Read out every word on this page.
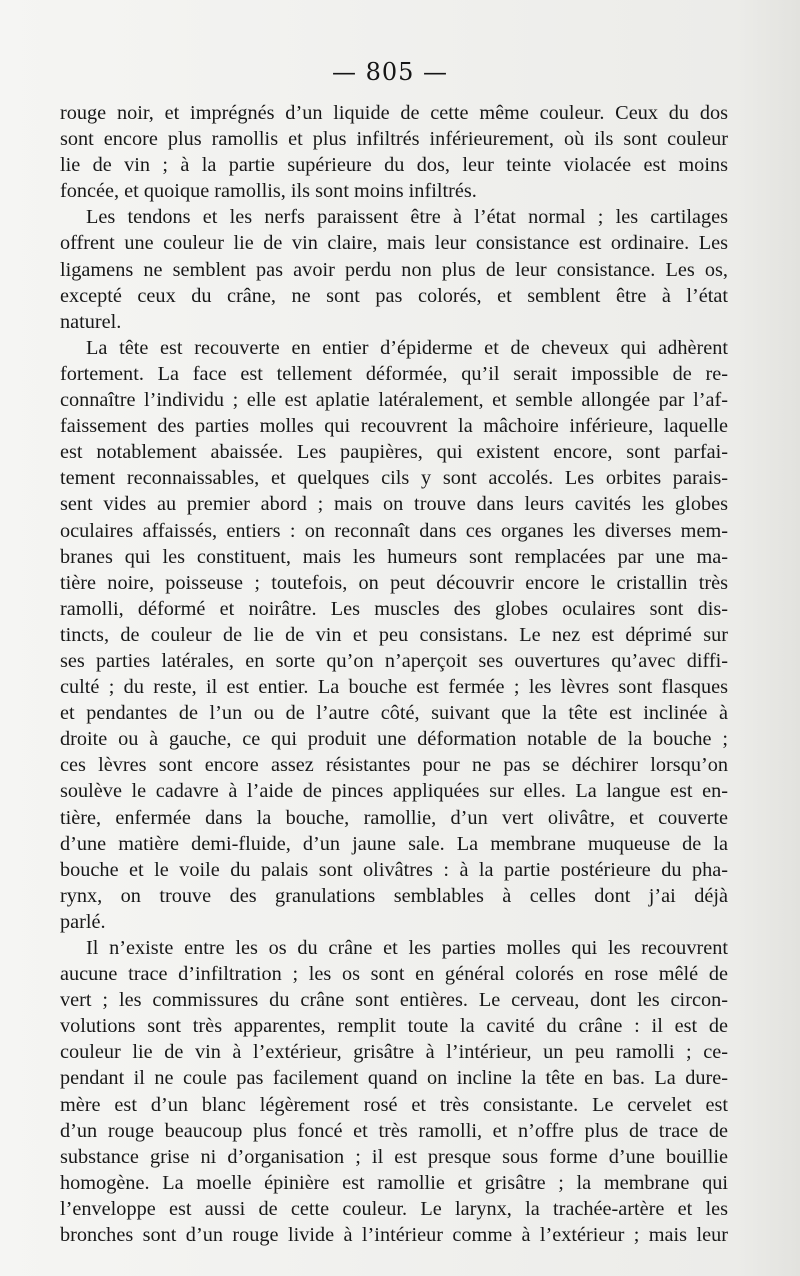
— 805 —
rouge noir, et imprégnés d’un liquide de cette même couleur. Ceux du dos
sont encore plus ramollis et plus infiltrés inférieurement, où ils sont couleur
lie de vin ; à la partie supérieure du dos, leur teinte violacée est moins
foncée, et quoique ramollis, ils sont moins infiltrés.
Les tendons et les nerfs paraissent être à l’état normal ; les cartilages
offrent une couleur lie de vin claire, mais leur consistance est ordinaire. Les
ligamens ne semblent pas avoir perdu non plus de leur consistance. Les os,
excepté ceux du crâne, ne sont pas colorés, et semblent être à l’état
naturel.
La tête est recouverte en entier d’épiderme et de cheveux qui adhèrent
fortement. La face est tellement déformée, qu’il serait impossible de re-
connaître l’individu ; elle est aplatie latéralement, et semble allongée par l’af-
faissement des parties molles qui recouvrent la mâchoire inférieure, laquelle
est notablement abaissée. Les paupières, qui existent encore, sont parfai-
tement reconnaissables, et quelques cils y sont accolés. Les orbites parais-
sent vides au premier abord ; mais on trouve dans leurs cavités les globes
oculaires affaissés, entiers : on reconnaît dans ces organes les diverses mem-
branes qui les constituent, mais les humeurs sont remplacées par une ma-
tière noire, poisseuse ; toutefois, on peut découvrir encore le cristallin très
ramolli, déformé et noirâtre. Les muscles des globes oculaires sont dis-
tincts, de couleur de lie de vin et peu consistans. Le nez est déprimé sur
ses parties latérales, en sorte qu’on n’aperçoit ses ouvertures qu’avec diffi-
culté ; du reste, il est entier. La bouche est fermée ; les lèvres sont flasques
et pendantes de l’un ou de l’autre côté, suivant que la tête est inclinée à
droite ou à gauche, ce qui produit une déformation notable de la bouche ;
ces lèvres sont encore assez résistantes pour ne pas se déchirer lorsqu’on
soulève le cadavre à l’aide de pinces appliquées sur elles. La langue est en-
tière, enfermée dans la bouche, ramollie, d’un vert olivâtre, et couverte
d’une matière demi-fluide, d’un jaune sale. La membrane muqueuse de la
bouche et le voile du palais sont olivâtres : à la partie postérieure du pha-
rynx, on trouve des granulations semblables à celles dont j’ai déjà
parlé.
Il n’existe entre les os du crâne et les parties molles qui les recouvrent
aucune trace d’infiltration ; les os sont en général colorés en rose mêlé de
vert ; les commissures du crâne sont entières. Le cerveau, dont les circon-
volutions sont très apparentes, remplit toute la cavité du crâne : il est de
couleur lie de vin à l’extérieur, grisâtre à l’intérieur, un peu ramolli ; ce-
pendant il ne coule pas facilement quand on incline la tête en bas. La dure-
mère est d’un blanc légèrement rosé et très consistante. Le cervelet est
d’un rouge beaucoup plus foncé et très ramolli, et n’offre plus de trace de
substance grise ni d’organisation ; il est presque sous forme d’une bouillie
homogène. La moelle épinière est ramollie et grisâtre ; la membrane qui
l’enveloppe est aussi de cette couleur. Le larynx, la trachée-artère et les
bronches sont d’un rouge livide à l’intérieur comme à l’extérieur ; mais leur
